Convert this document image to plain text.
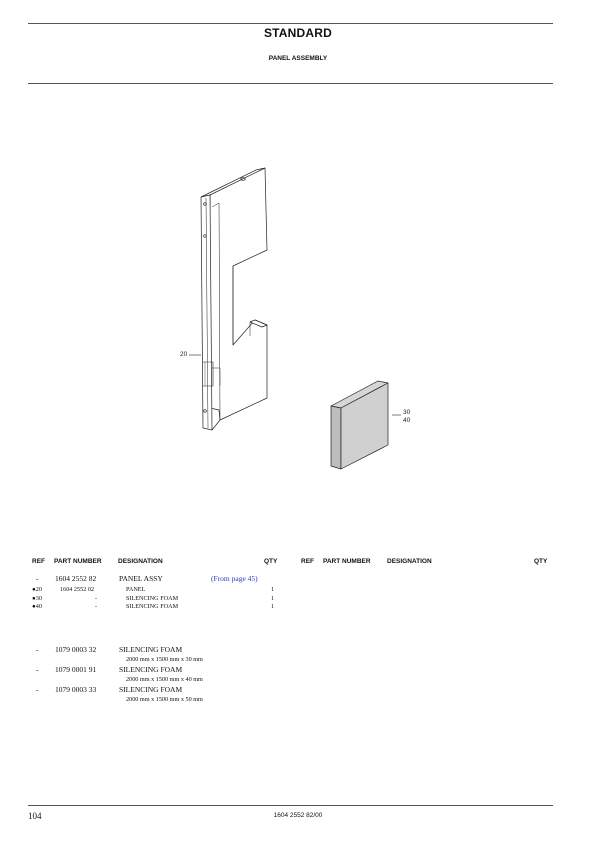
STANDARD
PANEL ASSEMBLY
20
30
40
REF PART NUMBER	DESIGNATION	QTY	REF PART NUMBER	DESIGNATION	QTY
- 1604 2552 82	PANEL ASSY	(From page 45)
●20	1604 2552 02	PANEL	1
●30	-	SILENCING FOAM	1
●40	-	SILENCING FOAM	1
- 1079 0003 32	SILENCING FOAM
2000 mm x 1500 mm x 30 mm
- 1079 0001 91	SILENCING FOAM
2000 mm x 1500 mm x 40 mm
- 1079 0003 33	SILENCING FOAM
2000 mm x 1500 mm x 50 mm
104	1604 2552 82/00
